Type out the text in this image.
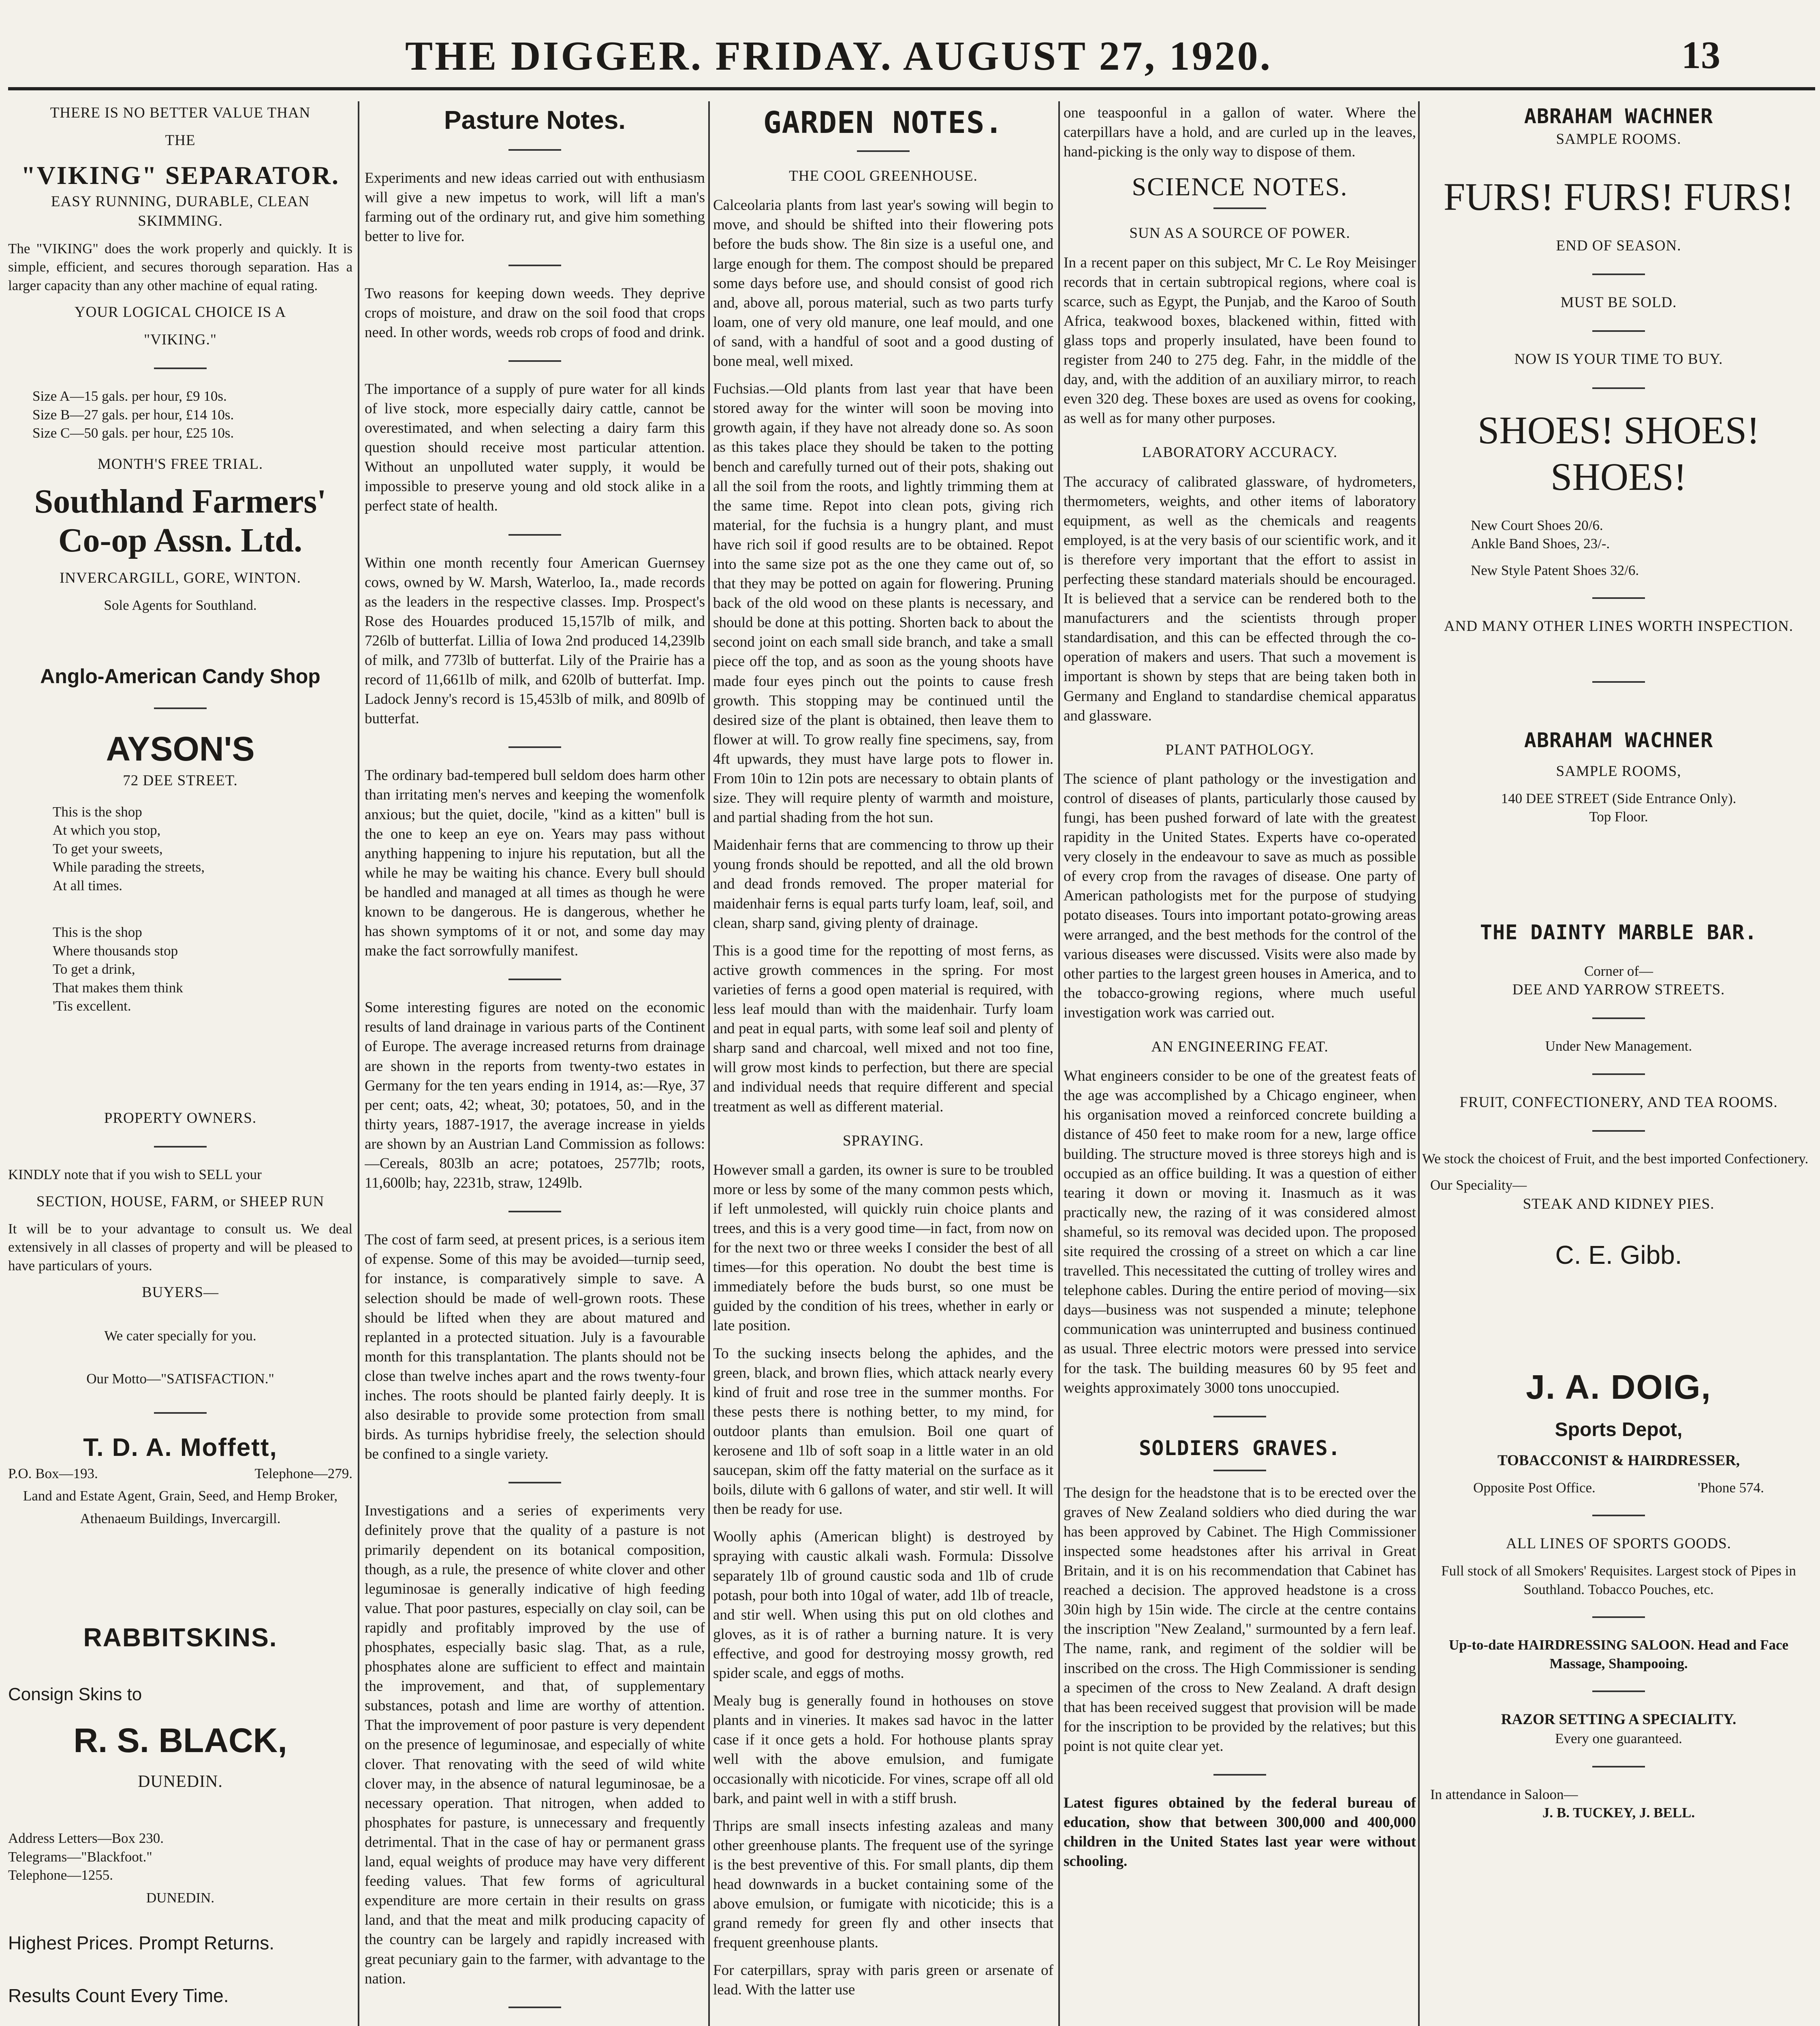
THE DIGGER. FRIDAY. AUGUST 27, 1920.	13
THERE IS NO BETTER VALUE THAN
THE
"VIKING" SEPARATOR.
EASY RUNNING, DURABLE, CLEAN SKIMMING.

The "VIKING" does the work properly and quickly. It is simple, efficient, and secures thorough separation. Has a larger capacity than any other machine of equal rating.

YOUR LOGICAL CHOICE IS A
"VIKING."
Size A—15 gals. per hour, £9 10s.
Size B—27 gals. per hour, £14 10s.
Size C—50 gals. per hour, £25 10s.
MONTH'S FREE TRIAL.
Southland Farmers' Co-op Assn. Ltd.
INVERCARGILL, GORE, WINTON.
Sole Agents for Southland.
Anglo-American Candy Shop
AYSON'S
72 DEE STREET.
This is the shop
At which you stop,
To get your sweets,
While parading the streets,
At all times.
This is the shop
Where thousands stop
To get a drink,
That makes them think
'Tis excellent.
PROPERTY OWNERS.

KINDLY note that if you wish to SELL your

SECTION, HOUSE, FARM, or SHEEP RUN

It will be to your advantage to consult us. We deal extensively in all classes of property and will be pleased to have particulars of yours.

BUYERS—
We cater specially for you.
Our Motto—"SATISFACTION."
T. D. A. Moffett,
P.O. Box—193.	Telephone—279.
Land and Estate Agent, Grain, Seed, and Hemp Broker,
Athenaeum Buildings, Invercargill.
RABBITSKINS.
Consign Skins to
R. S. BLACK,
DUNEDIN.
Address Letters—Box 230.
Telegrams—"Blackfoot."
Telephone—1255.
DUNEDIN.
Highest Prices. Prompt Returns.
Results Count Every Time.
Pasture Notes.

Experiments and new ideas carried out with enthusiasm will give a new impetus to work, will lift a man's farming out of the ordinary rut, and give him something better to live for.

Two reasons for keeping down weeds. They deprive crops of moisture, and draw on the soil food that crops need. In other words, weeds rob crops of food and drink.

The importance of a supply of pure water for all kinds of live stock, more especially dairy cattle, cannot be overestimated, and when selecting a dairy farm this question should receive most particular attention. Without an unpolluted water supply, it would be impossible to preserve young and old stock alike in a perfect state of health.

Within one month recently four American Guernsey cows, owned by W. Marsh, Waterloo, Ia., made records as the leaders in the respective classes. Imp. Prospect's Rose des Houardes produced 15,157lb of milk, and 726lb of butterfat. Lillia of Iowa 2nd produced 14,239lb of milk, and 773lb of butterfat. Lily of the Prairie has a record of 11,661lb of milk, and 620lb of butterfat. Imp. Ladock Jenny's record is 15,453lb of milk, and 809lb of butterfat.

The ordinary bad-tempered bull seldom does harm other than irritating men's nerves and keeping the womenfolk anxious; but the quiet, docile, "kind as a kitten" bull is the one to keep an eye on. Years may pass without anything happening to injure his reputation, but all the while he may be waiting his chance. Every bull should be handled and managed at all times as though he were known to be dangerous. He is dangerous, whether he has shown symptoms of it or not, and some day may make the fact sorrowfully manifest.

Some interesting figures are noted on the economic results of land drainage in various parts of the Continent of Europe. The average increased returns from drainage are shown in the reports from twenty-two estates in Germany for the ten years ending in 1914, as:—Rye, 37 per cent; oats, 42; wheat, 30; potatoes, 50, and in the thirty years, 1887-1917, the average increase in yields are shown by an Austrian Land Commission as follows:—Cereals, 803lb an acre; potatoes, 2577lb; roots, 11,600lb; hay, 2231b, straw, 1249lb.

The cost of farm seed, at present prices, is a serious item of expense. Some of this may be avoided—turnip seed, for instance, is comparatively simple to save. A selection should be made of well-grown roots. These should be lifted when they are about matured and replanted in a protected situation. July is a favourable month for this transplantation. The plants should not be close than twelve inches apart and the rows twenty-four inches. The roots should be planted fairly deeply. It is also desirable to provide some protection from small birds. As turnips hybridise freely, the selection should be confined to a single variety.

Investigations and a series of experiments very definitely prove that the quality of a pasture is not primarily dependent on its botanical composition, though, as a rule, the presence of white clover and other leguminosae is generally indicative of high feeding value. That poor pastures, especially on clay soil, can be rapidly and profitably improved by the use of phosphates, especially basic slag. That, as a rule, phosphates alone are sufficient to effect and maintain the improvement, and that, of supplementary substances, potash and lime are worthy of attention. That the improvement of poor pasture is very dependent on the presence of leguminosae, and especially of white clover. That renovating with the seed of wild white clover may, in the absence of natural leguminosae, be a necessary operation. That nitrogen, when added to phosphates for pasture, is unnecessary and frequently detrimental. That in the case of hay or permanent grass land, equal weights of produce may have very different feeding values. That few forms of agricultural expenditure are more certain in their results on grass land, and that the meat and milk producing capacity of the country can be largely and rapidly increased with great pecuniary gain to the farmer, with advantage to the nation.

GARDEN NOTES.
THE COOL GREENHOUSE.

Calceolaria plants from last year's sowing will begin to move, and should be shifted into their flowering pots before the buds show. The 8in size is a useful one, and large enough for them. The compost should be prepared some days before use, and should consist of good rich and, above all, porous material, such as two parts turfy loam, one of very old manure, one leaf mould, and one of sand, with a handful of soot and a good dusting of bone meal, well mixed.

Fuchsias.—Old plants from last year that have been stored away for the winter will soon be moving into growth again, if they have not already done so. As soon as this takes place they should be taken to the potting bench and carefully turned out of their pots, shaking out all the soil from the roots, and lightly trimming them at the same time. Repot into clean pots, giving rich material, for the fuchsia is a hungry plant, and must have rich soil if good results are to be obtained. Repot into the same size pot as the one they came out of, so that they may be potted on again for flowering. Pruning back of the old wood on these plants is necessary, and should be done at this potting. Shorten back to about the second joint on each small side branch, and take a small piece off the top, and as soon as the young shoots have made four eyes pinch out the points to cause fresh growth. This stopping may be continued until the desired size of the plant is obtained, then leave them to flower at will. To grow really fine specimens, say, from 4ft upwards, they must have large pots to flower in. From 10in to 12in pots are necessary to obtain plants of size. They will require plenty of warmth and moisture, and partial shading from the hot sun.

Maidenhair ferns that are commencing to throw up their young fronds should be repotted, and all the old brown and dead fronds removed. The proper material for maidenhair ferns is equal parts turfy loam, leaf, soil, and clean, sharp sand, giving plenty of drainage.

This is a good time for the repotting of most ferns, as active growth commences in the spring. For most varieties of ferns a good open material is required, with less leaf mould than with the maidenhair. Turfy loam and peat in equal parts, with some leaf soil and plenty of sharp sand and charcoal, well mixed and not too fine, will grow most kinds to perfection, but there are special and individual needs that require different and special treatment as well as different material.

SPRAYING.

However small a garden, its owner is sure to be troubled more or less by some of the many common pests which, if left unmolested, will quickly ruin choice plants and trees, and this is a very good time—in fact, from now on for the next two or three weeks I consider the best of all times—for this operation. No doubt the best time is immediately before the buds burst, so one must be guided by the condition of his trees, whether in early or late position.

To the sucking insects belong the aphides, and the green, black, and brown flies, which attack nearly every kind of fruit and rose tree in the summer months. For these pests there is nothing better, to my mind, for outdoor plants than emulsion. Boil one quart of kerosene and 1lb of soft soap in a little water in an old saucepan, skim off the fatty material on the surface as it boils, dilute with 6 gallons of water, and stir well. It will then be ready for use.

Woolly aphis (American blight) is destroyed by spraying with caustic alkali wash. Formula: Dissolve separately 1lb of ground caustic soda and 1lb of crude potash, pour both into 10gal of water, add 1lb of treacle, and stir well. When using this put on old clothes and gloves, as it is of rather a burning nature. It is very effective, and good for destroying mossy growth, red spider scale, and eggs of moths.

Mealy bug is generally found in hothouses on stove plants and in vineries. It makes sad havoc in the latter case if it once gets a hold. For hothouse plants spray well with the above emulsion, and fumigate occasionally with nicoticide. For vines, scrape off all old bark, and paint well in with a stiff brush.

Thrips are small insects infesting azaleas and many other greenhouse plants. The frequent use of the syringe is the best preventive of this. For small plants, dip them head downwards in a bucket containing some of the above emulsion, or fumigate with nicoticide; this is a grand remedy for green fly and other insects that frequent greenhouse plants.

For caterpillars, spray with paris green or arsenate of lead. With the latter use

one teaspoonful in a gallon of water. Where the caterpillars have a hold, and are curled up in the leaves, hand-picking is the only way to dispose of them.

SCIENCE NOTES.
SUN AS A SOURCE OF POWER.

In a recent paper on this subject, Mr C. Le Roy Meisinger records that in certain subtropical regions, where coal is scarce, such as Egypt, the Punjab, and the Karoo of South Africa, teakwood boxes, blackened within, fitted with glass tops and properly insulated, have been found to register from 240 to 275 deg. Fahr, in the middle of the day, and, with the addition of an auxiliary mirror, to reach even 320 deg. These boxes are used as ovens for cooking, as well as for many other purposes.

LABORATORY ACCURACY.

The accuracy of calibrated glassware, of hydrometers, thermometers, weights, and other items of laboratory equipment, as well as the chemicals and reagents employed, is at the very basis of our scientific work, and it is therefore very important that the effort to assist in perfecting these standard materials should be encouraged. It is believed that a service can be rendered both to the manufacturers and the scientists through proper standardisation, and this can be effected through the co-operation of makers and users. That such a movement is important is shown by steps that are being taken both in Germany and England to standardise chemical apparatus and glassware.

PLANT PATHOLOGY.

The science of plant pathology or the investigation and control of diseases of plants, particularly those caused by fungi, has been pushed forward of late with the greatest rapidity in the United States. Experts have co-operated very closely in the endeavour to save as much as possible of every crop from the ravages of disease. One party of American pathologists met for the purpose of studying potato diseases. Tours into important potato-growing areas were arranged, and the best methods for the control of the various diseases were discussed. Visits were also made by other parties to the largest green houses in America, and to the tobacco-growing regions, where much useful investigation work was carried out.

AN ENGINEERING FEAT.

What engineers consider to be one of the greatest feats of the age was accomplished by a Chicago engineer, when his organisation moved a reinforced concrete building a distance of 450 feet to make room for a new, large office building. The structure moved is three storeys high and is occupied as an office building. It was a question of either tearing it down or moving it. Inasmuch as it was practically new, the razing of it was considered almost shameful, so its removal was decided upon. The proposed site required the crossing of a street on which a car line travelled. This necessitated the cutting of trolley wires and telephone cables. During the entire period of moving—six days—business was not suspended a minute; telephone communication was uninterrupted and business continued as usual. Three electric motors were pressed into service for the task. The building measures 60 by 95 feet and weights approximately 3000 tons unoccupied.

SOLDIERS GRAVES.

The design for the headstone that is to be erected over the graves of New Zealand soldiers who died during the war has been approved by Cabinet. The High Commissioner inspected some headstones after his arrival in Great Britain, and it is on his recommendation that Cabinet has reached a decision. The approved headstone is a cross 30in high by 15in wide. The circle at the centre contains the inscription "New Zealand," surmounted by a fern leaf. The name, rank, and regiment of the soldier will be inscribed on the cross. The High Commissioner is sending a specimen of the cross to New Zealand. A draft design that has been received suggest that provision will be made for the inscription to be provided by the relatives; but this point is not quite clear yet.

Latest figures obtained by the federal bureau of education, show that between 300,000 and 400,000 children in the United States last year were without schooling.

ABRAHAM WACHNER
SAMPLE ROOMS.
FURS! FURS! FURS!
END OF SEASON.
MUST BE SOLD.
NOW IS YOUR TIME TO BUY.
SHOES! SHOES! SHOES!
New Court Shoes 20/6.
Ankle Band Shoes, 23/-.
New Style Patent Shoes 32/6.
AND MANY OTHER LINES WORTH INSPECTION.
ABRAHAM WACHNER
SAMPLE ROOMS,
140 DEE STREET (Side Entrance Only).
Top Floor.
THE DAINTY MARBLE BAR.
Corner of—
DEE AND YARROW STREETS.
Under New Management.
FRUIT, CONFECTIONERY, AND TEA ROOMS.

We stock the choicest of Fruit, and the best imported Confectionery.

Our Speciality—
STEAK AND KIDNEY PIES.
C. E. Gibb.
J. A. DOIG,
Sports Depot,
TOBACCONIST & HAIRDRESSER,
Opposite Post Office.	'Phone 574.
ALL LINES OF SPORTS GOODS.

Full stock of all Smokers' Requisites. Largest stock of Pipes in Southland. Tobacco Pouches, etc.

Up-to-date HAIRDRESSING SALOON. Head and Face Massage, Shampooing.
RAZOR SETTING A SPECIALITY.
Every one guaranteed.
In attendance in Saloon—
J. B. TUCKEY, J. BELL.
